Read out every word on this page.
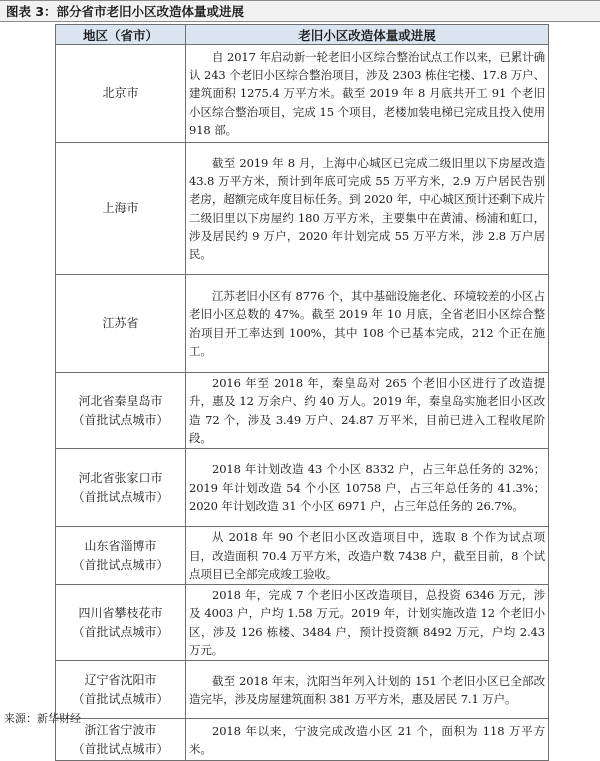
图表 3：部分省市老旧小区改造体量或进展
地区（省市）	老旧小区改造体量或进展

北京市	自 2017 年启动新一轮老旧小区综合整治试点工作以来，已累计确认 243 个老旧小区综合整治项目，涉及 2303 栋住宅楼、17.8 万户、建筑面积 1275.4 万平方米。截至 2019 年 8 月底共开工 91 个老旧小区综合整治项目，完成 15 个项目，老楼加装电梯已完成且投入使用 918 部。

上海市	截至 2019 年 8 月，上海中心城区已完成二级旧里以下房屋改造 43.8 万平方米，预计到年底可完成 55 万平方米，2.9 万户居民告别老房，超额完成年度目标任务。到 2020 年，中心城区预计还剩下成片二级旧里以下房屋约 180 万平方米，主要集中在黄浦、杨浦和虹口，涉及居民约 9 万户，2020 年计划完成 55 万平方米，涉 2.8 万户居民。

江苏省	江苏老旧小区有 8776 个，其中基础设施老化、环境较差的小区占老旧小区总数的 47%。截至 2019 年 10 月底，全省老旧小区综合整治项目开工率达到 100%，其中 108 个已基本完成，212 个正在施工。

河北省秦皇岛市
（首批试点城市）	2016 年至 2018 年，秦皇岛对 265 个老旧小区进行了改造提升，惠及 12 万余户、约 40 万人。2019 年，秦皇岛实施老旧小区改造 72 个，涉及 3.49 万户、24.87 万平米，目前已进入工程收尾阶段。

河北省张家口市
（首批试点城市）	2018 年计划改造 43 个小区 8332 户，占三年总任务的 32%；2019 年计划改造 54 个小区 10758 户，占三年总任务的 41.3%；2020 年计划改造 31 个小区 6971 户，占三年总任务的 26.7%。

山东省淄博市
（首批试点城市）	从 2018 年 90 个老旧小区改造项目中，选取 8 个作为试点项目，改造面积 70.4 万平方米，改造户数 7438 户，截至目前，8 个试点项目已全部完成竣工验收。

四川省攀枝花市
（首批试点城市）	2018 年，完成 7 个老旧小区改造项目，总投资 6346 万元，涉及 4003 户，户均 1.58 万元。2019 年，计划实施改造 12 个老旧小区，涉及 126 栋楼、3484 户，预计投资额 8492 万元，户均 2.43 万元。

辽宁省沈阳市
（首批试点城市）	截至 2018 年末，沈阳当年列入计划的 151 个老旧小区已全部改造完毕，涉及房屋建筑面积 381 万平方米，惠及居民 7.1 万户。

浙江省宁波市
（首批试点城市）	2018 年以来，宁波完成改造小区 21 个，面积为 118 万平方米。
来源：新华财经
